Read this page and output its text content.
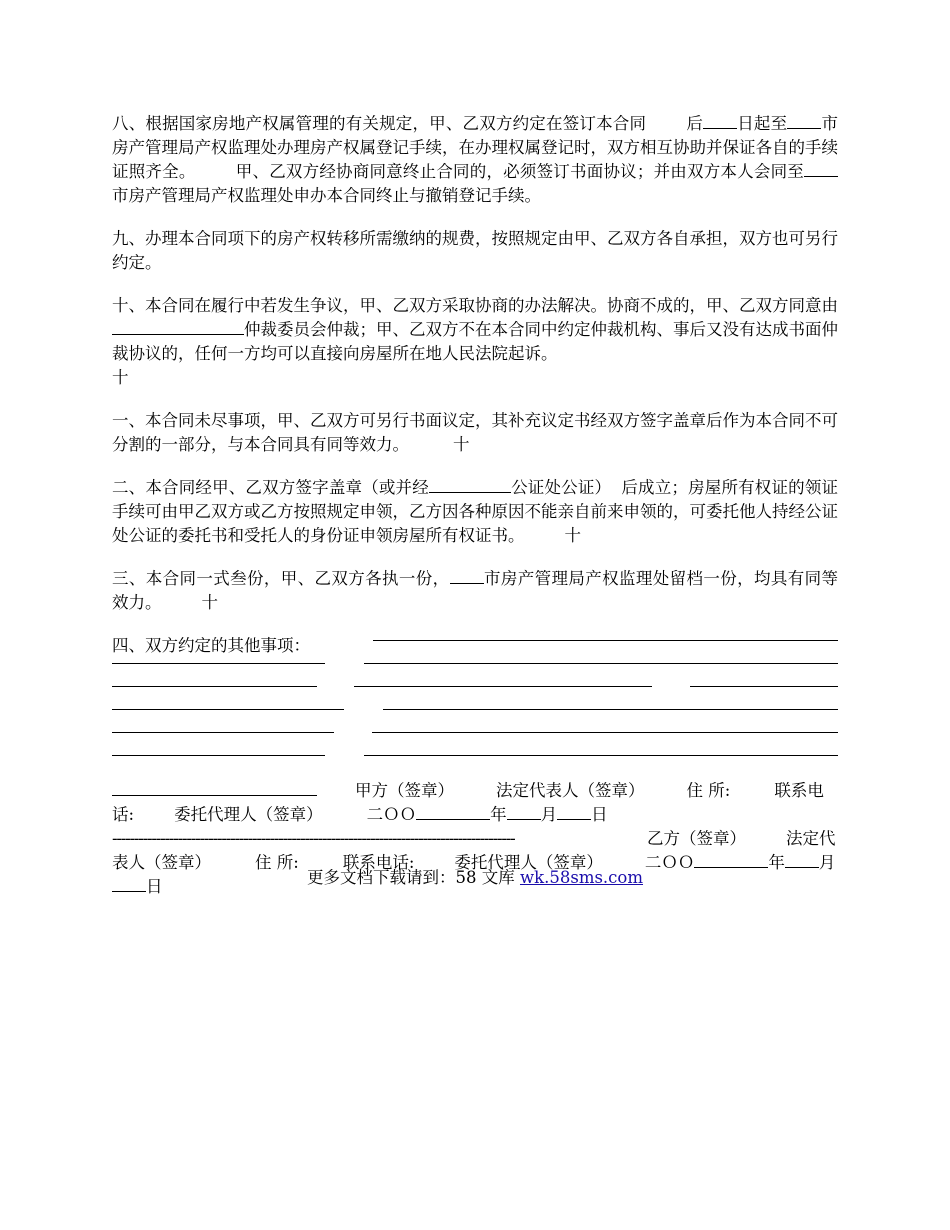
八、根据国家房地产权属管理的有关规定，甲、乙双方约定在签订本合同 后 日起至 市房产管理局产权监理处办理房产权属登记手续，在办理权属登记时，双方相互协助并保证各自的手续证照齐全。 甲、乙双方经协商同意终止合同的，必须签订书面协议；并由双方本人会同至市房产管理局产权监理处申办本合同终止与撤销登记手续。

九、办理本合同项下的房产权转移所需缴纳的规费，按照规定由甲、乙双方各自承担，双方也可另行约定。

十、本合同在履行中若发生争议，甲、乙双方采取协商的办法解决。协商不成的，甲、乙双方同意由仲裁委员会仲裁；甲、乙双方不在本合同中约定仲裁机构、事后又没有达成书面仲裁协议的，任何一方均可以直接向房屋所在地人民法院起诉。
十

一、本合同未尽事项，甲、乙双方可另行书面议定，其补充议定书经双方签字盖章后作为本合同不可分割的一部分，与本合同具有同等效力。	十

二、本合同经甲、乙双方签字盖章（或并经	公证处公证） 后成立；房屋所有权证的领证手续可由甲乙双方或乙方按照规定申领，乙方因各种原因不能亲自前来申领的，可委托他人持经公证处公证的委托书和受托人的身份证申领房屋所有权证书。 十

三、本合同一式叁份，甲、乙双方各执一份， 市房产管理局产权监理处留档一份，均具有同等效力。 十

四、双方约定的其他事项：

甲方（签章）	法定代表人（签章）	住 所:	联系电话: 委托代理人（签章）	二ＯＯ	年 月 日

--------------------------------------------------------------------------------------------	乙方（签章） 法定代表人（签章）	住 所:	联系电话: 委托代理人（签章）	二ＯＯ	年 月日	更多文档下载请到：58 文库 wk.58sms.com
